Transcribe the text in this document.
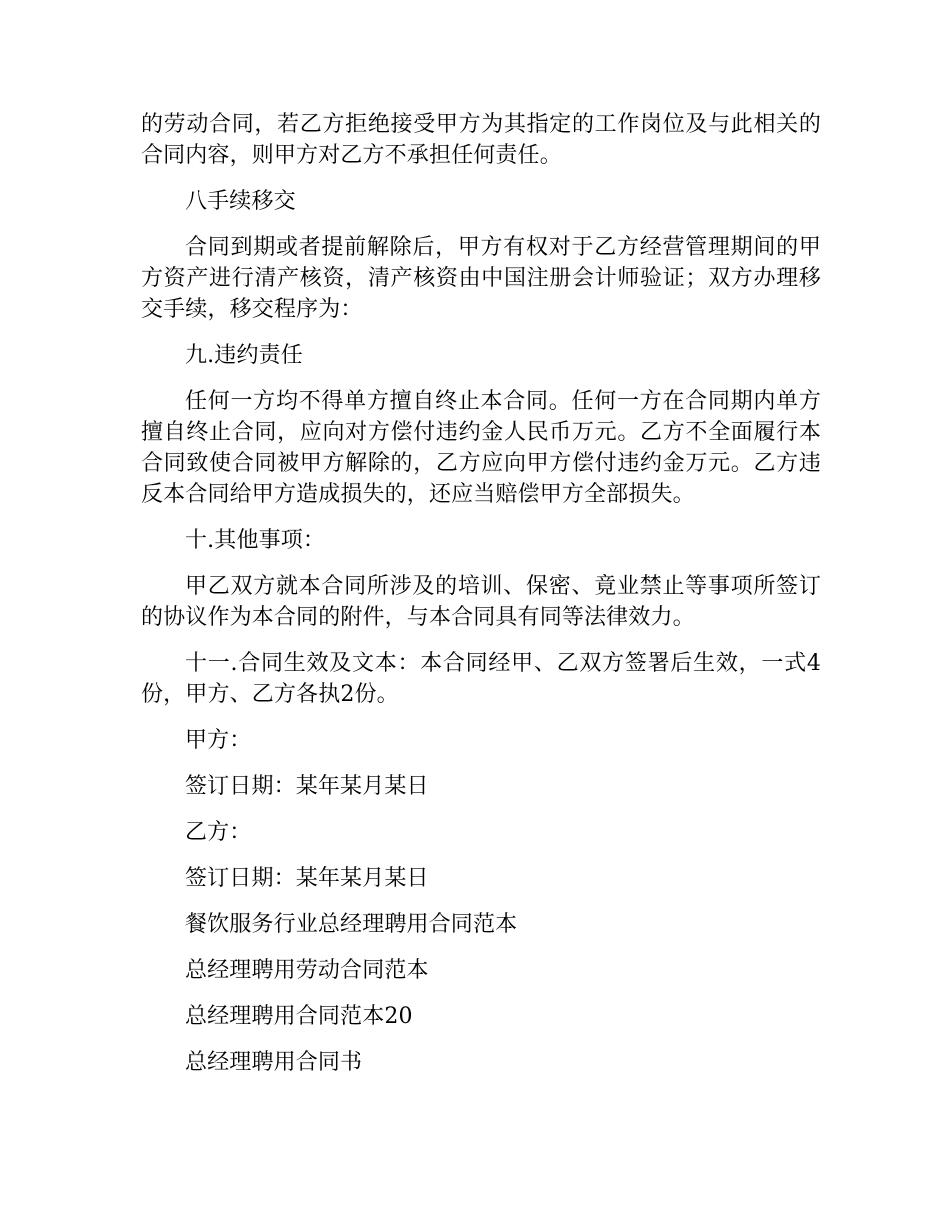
的劳动合同，若乙方拒绝接受甲方为其指定的工作岗位及与此相关的合同内容，则甲方对乙方不承担任何责任。

八手续移交

合同到期或者提前解除后，甲方有权对于乙方经营管理期间的甲方资产进行清产核资，清产核资由中国注册会计师验证；双方办理移交手续，移交程序为：

九.违约责任

任何一方均不得单方擅自终止本合同。任何一方在合同期内单方擅自终止合同，应向对方偿付违约金人民币万元。乙方不全面履行本合同致使合同被甲方解除的，乙方应向甲方偿付违约金万元。乙方违反本合同给甲方造成损失的，还应当赔偿甲方全部损失。

十.其他事项：

甲乙双方就本合同所涉及的培训、保密、竟业禁止等事项所签订的协议作为本合同的附件，与本合同具有同等法律效力。

十一.合同生效及文本：本合同经甲、乙双方签署后生效，一式4份，甲方、乙方各执2份。

甲方：

签订日期：某年某月某日

乙方：

签订日期：某年某月某日

餐饮服务行业总经理聘用合同范本

总经理聘用劳动合同范本

总经理聘用合同范本20

总经理聘用合同书
